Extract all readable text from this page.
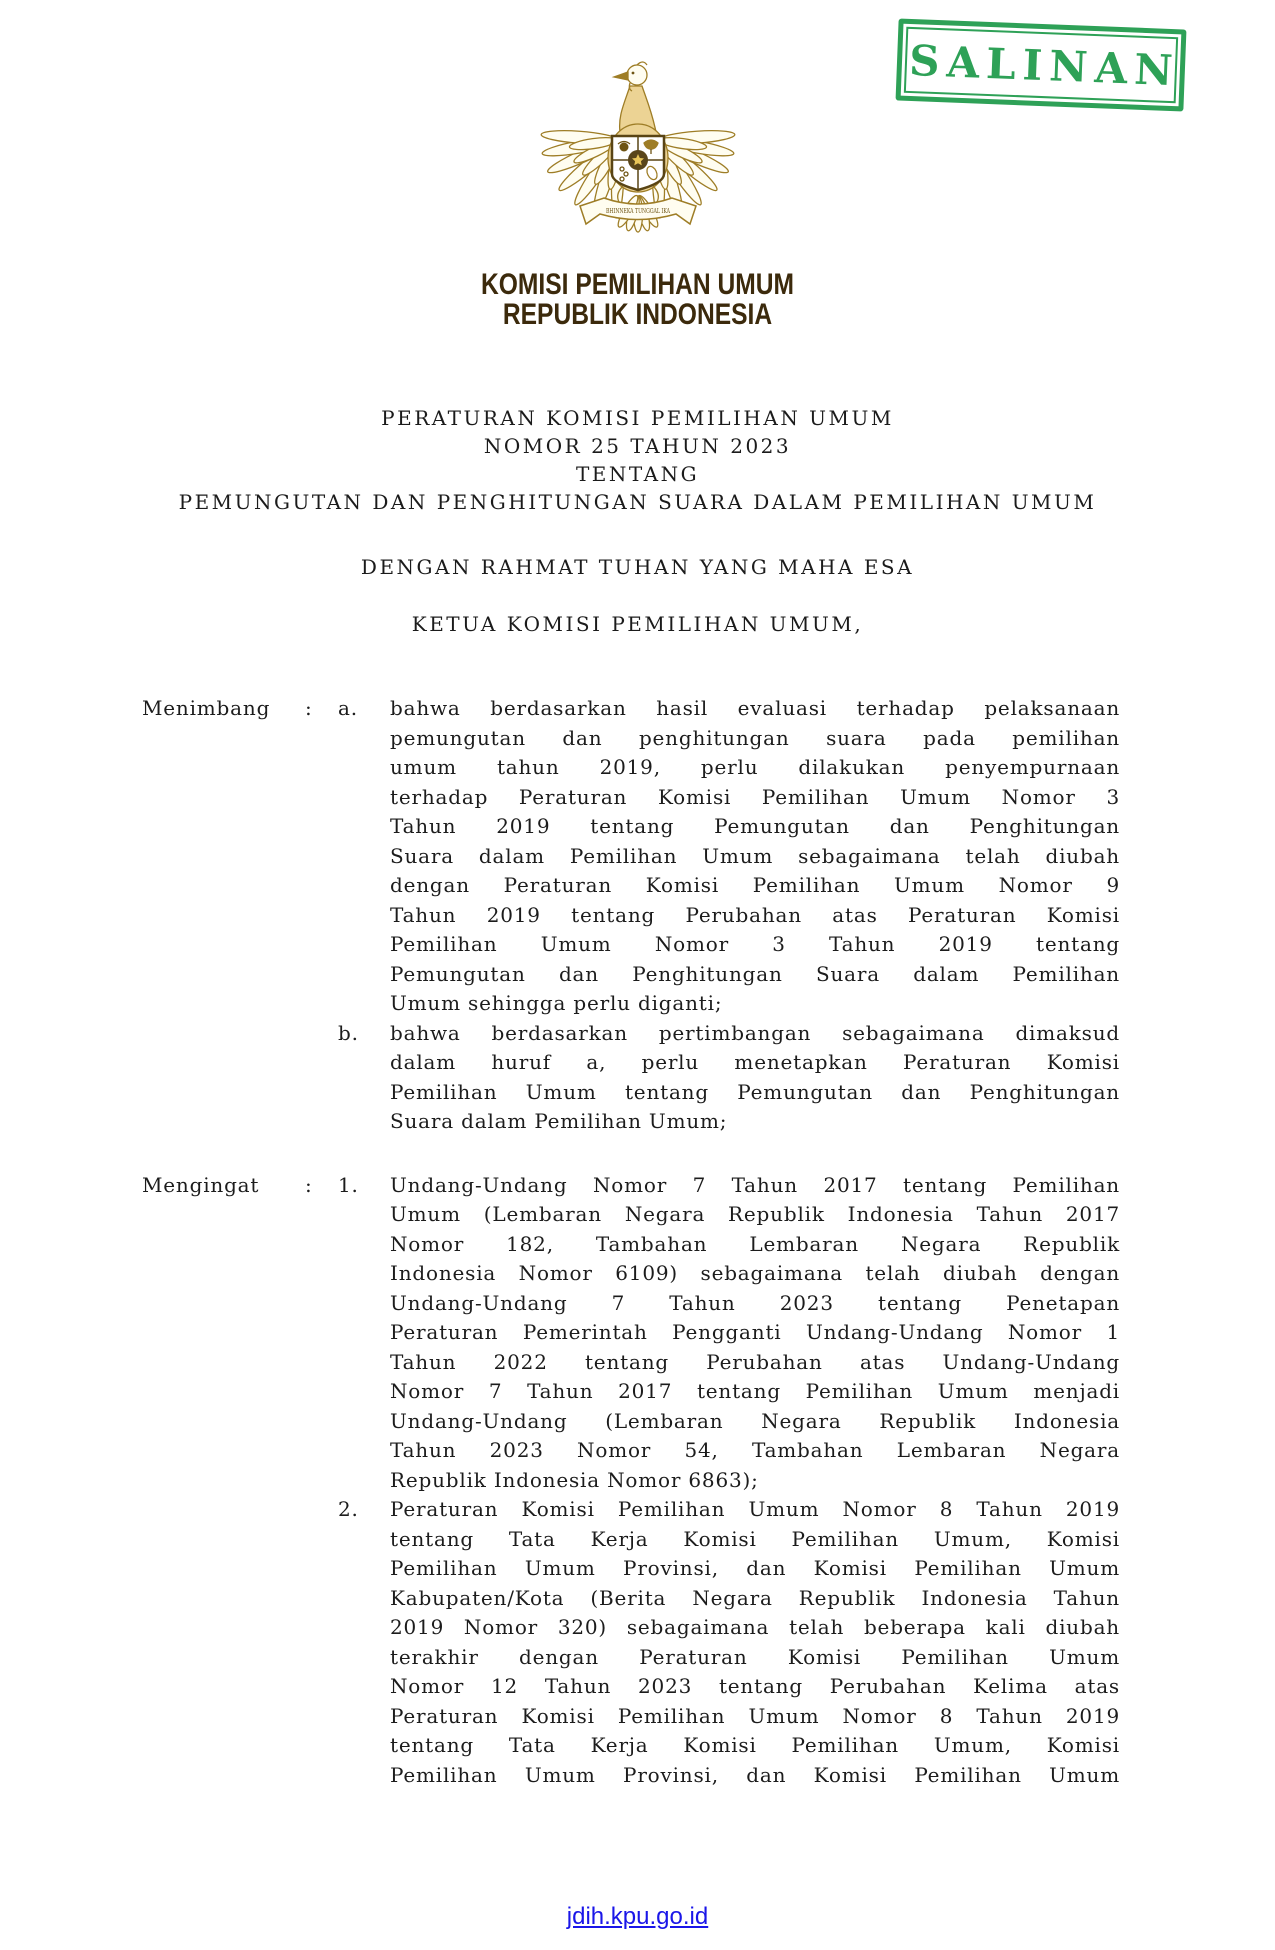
SALINAN
BHINNEKA TUNGGAL IKA
KOMISI PEMILIHAN UMUM
REPUBLIK INDONESIA
PERATURAN KOMISI PEMILIHAN UMUM
NOMOR 25 TAHUN 2023
TENTANG
PEMUNGUTAN DAN PENGHITUNGAN SUARA DALAM PEMILIHAN UMUM
DENGAN RAHMAT TUHAN YANG MAHA ESA
KETUA KOMISI PEMILIHAN UMUM,
Menimbang	:	a.	bahwa berdasarkan hasil evaluasi terhadap pelaksanaan
pemungutan dan penghitungan suara pada pemilihan
umum tahun 2019, perlu dilakukan penyempurnaan
terhadap Peraturan Komisi Pemilihan Umum Nomor 3
Tahun 2019 tentang Pemungutan dan Penghitungan
Suara dalam Pemilihan Umum sebagaimana telah diubah
dengan Peraturan Komisi Pemilihan Umum Nomor 9
Tahun 2019 tentang Perubahan atas Peraturan Komisi
Pemilihan Umum Nomor 3 Tahun 2019 tentang
Pemungutan dan Penghitungan Suara dalam Pemilihan
Umum sehingga perlu diganti;
b.	bahwa berdasarkan pertimbangan sebagaimana dimaksud
dalam huruf a, perlu menetapkan Peraturan Komisi
Pemilihan Umum tentang Pemungutan dan Penghitungan
Suara dalam Pemilihan Umum;
Mengingat	:	1.	Undang-Undang Nomor 7 Tahun 2017 tentang Pemilihan
Umum (Lembaran Negara Republik Indonesia Tahun 2017
Nomor 182, Tambahan Lembaran Negara Republik
Indonesia Nomor 6109) sebagaimana telah diubah dengan
Undang-Undang 7 Tahun 2023 tentang Penetapan
Peraturan Pemerintah Pengganti Undang-Undang Nomor 1
Tahun 2022 tentang Perubahan atas Undang-Undang
Nomor 7 Tahun 2017 tentang Pemilihan Umum menjadi
Undang-Undang (Lembaran Negara Republik Indonesia
Tahun 2023 Nomor 54, Tambahan Lembaran Negara
Republik Indonesia Nomor 6863);
2.	Peraturan Komisi Pemilihan Umum Nomor 8 Tahun 2019
tentang Tata Kerja Komisi Pemilihan Umum, Komisi
Pemilihan Umum Provinsi, dan Komisi Pemilihan Umum
Kabupaten/Kota (Berita Negara Republik Indonesia Tahun
2019 Nomor 320) sebagaimana telah beberapa kali diubah
terakhir dengan Peraturan Komisi Pemilihan Umum
Nomor 12 Tahun 2023 tentang Perubahan Kelima atas
Peraturan Komisi Pemilihan Umum Nomor 8 Tahun 2019
tentang Tata Kerja Komisi Pemilihan Umum, Komisi
Pemilihan Umum Provinsi, dan Komisi Pemilihan Umum
jdih.kpu.go.id
